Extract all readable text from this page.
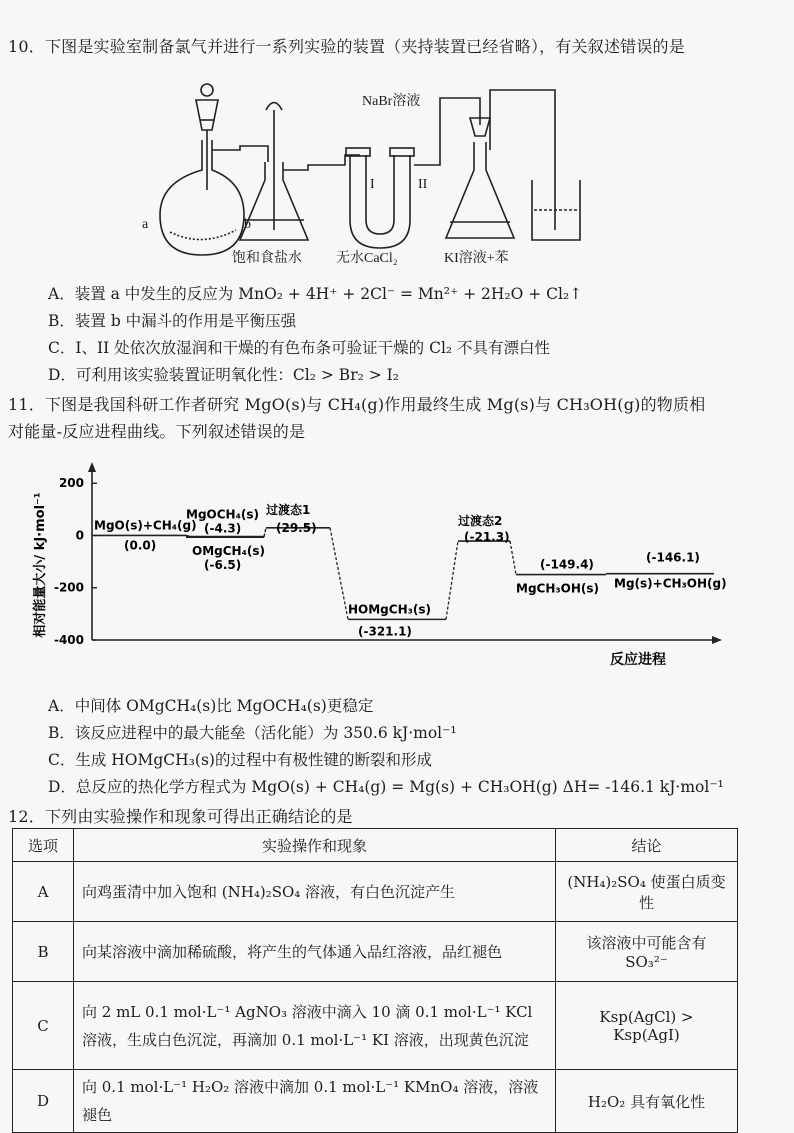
10．下图是实验室制备氯气并进行一系列实验的装置（夹持装置已经省略），有关叙述错误的是
a	b
NaBr溶液
I	II
饱和食盐水 无水CaCl₂	KI溶液+苯
A．装置 a 中发生的反应为 MnO₂ + 4H⁺ + 2Cl⁻ = Mn²⁺ + 2H₂O + Cl₂↑
B．装置 b 中漏斗的作用是平衡压强
C．I、II 处依次放湿润和干燥的有色布条可验证干燥的 Cl₂ 不具有漂白性
D．可利用该实验装置证明氧化性：Cl₂ > Br₂ > I₂
11．下图是我国科研工作者研究 MgO(s)与 CH₄(g)作用最终生成 Mg(s)与 CH₃OH(g)的物质相
对能量-反应进程曲线。下列叙述错误的是
相对能量大小/ kJ·mol⁻¹
反应进程
200
0
-200
-400
MgO(s)+CH₄(g)
(0.0)
MgOCH₄(s)
(-4.3)
OMgCH₄(s)
(-6.5)
过渡态1
(29.5)
HOMgCH₃(s)
(-321.1)
过渡态2
(-21.3)
MgCH₃OH(s)
(-149.4)
Mg(s)+CH₃OH(g)
(-146.1)
A．中间体 OMgCH₄(s)比 MgOCH₄(s)更稳定
B．该反应进程中的最大能垒（活化能）为 350.6 kJ·mol⁻¹
C．生成 HOMgCH₃(s)的过程中有极性键的断裂和形成
D．总反应的热化学方程式为 MgO(s) + CH₄(g) = Mg(s) + CH₃OH(g) ΔH= -146.1 kJ·mol⁻¹
12．下列由实验操作和现象可得出正确结论的是
选项	实验操作和现象	结论
A	向鸡蛋清中加入饱和 (NH₄)₂SO₄ 溶液，有白色沉淀产生	(NH₄)₂SO₄ 使蛋白质变性
B	向某溶液中滴加稀硫酸，将产生的气体通入品红溶液，品红褪色	该溶液中可能含有 SO₃²⁻
C	向 2 mL 0.1 mol·L⁻¹ AgNO₃ 溶液中滴入 10 滴 0.1 mol·L⁻¹ KCl 溶液，生成白色沉淀，再滴加 0.1 mol·L⁻¹ KI 溶液，出现黄色沉淀	Ksp(AgCl) > Ksp(AgI)
D	向 0.1 mol·L⁻¹ H₂O₂ 溶液中滴加 0.1 mol·L⁻¹ KMnO₄ 溶液，溶液褪色	H₂O₂ 具有氧化性
